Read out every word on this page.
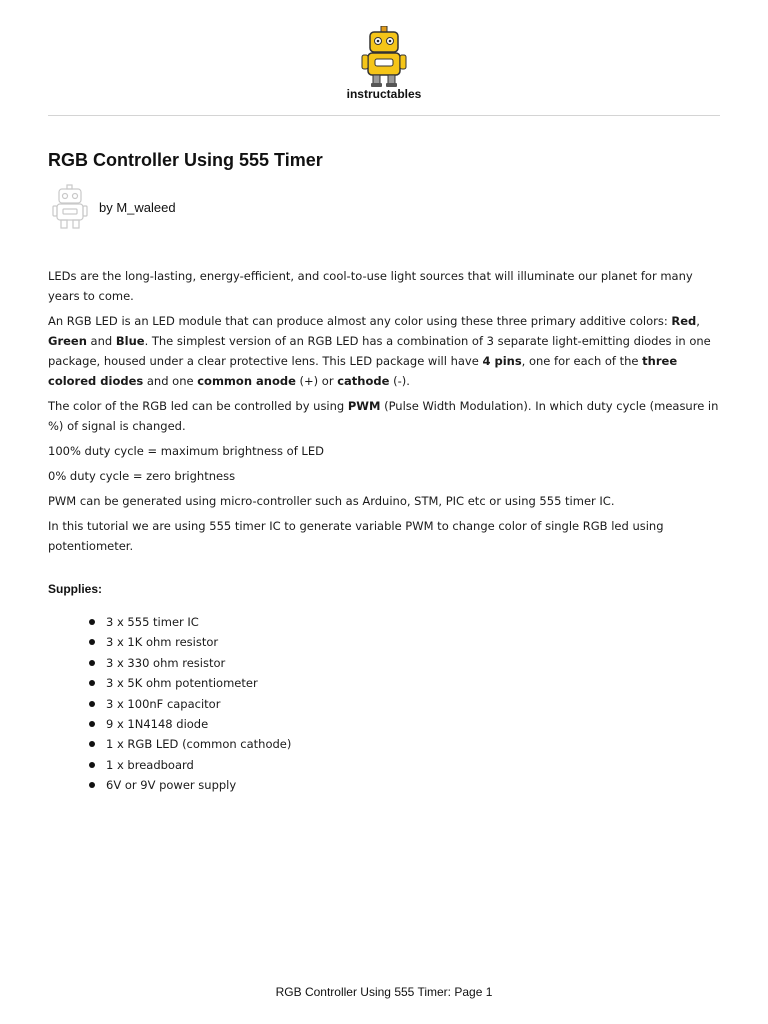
instructables
RGB Controller Using 555 Timer
by M_waleed

LEDs are the long-lasting, energy-efficient, and cool-to-use light sources that will illuminate our planet for many years to come.

An RGB LED is an LED module that can produce almost any color using these three primary additive colors: Red, Green and Blue. The simplest version of an RGB LED has a combination of 3 separate light-emitting diodes in one package, housed under a clear protective lens. This LED package will have 4 pins, one for each of the three colored diodes and one common anode (+) or cathode (-).

The color of the RGB led can be controlled by using PWM (Pulse Width Modulation). In which duty cycle (measure in %) of signal is changed.

100% duty cycle = maximum brightness of LED

0% duty cycle = zero brightness

PWM can be generated using micro-controller such as Arduino, STM, PIC etc or using 555 timer IC.

In this tutorial we are using 555 timer IC to generate variable PWM to change color of single RGB led using potentiometer.

Supplies:
3 x 555 timer IC
3 x 1K ohm resistor
3 x 330 ohm resistor
3 x 5K ohm potentiometer
3 x 100nF capacitor
9 x 1N4148 diode
1 x RGB LED (common cathode)
1 x breadboard
6V or 9V power supply
RGB Controller Using 555 Timer: Page 1
